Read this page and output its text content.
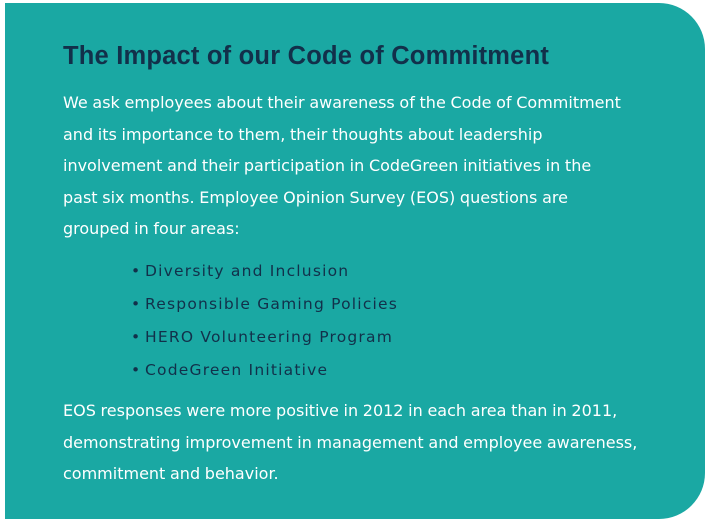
The Impact of our Code of Commitment

We ask employees about their awareness of the Code of Commitment and its importance to them, their thoughts about leadership involvement and their participation in CodeGreen initiatives in the past six months. Employee Opinion Survey (EOS) questions are grouped in four areas:

• Diversity and Inclusion
• Responsible Gaming Policies
• HERO Volunteering Program
• CodeGreen Initiative

EOS responses were more positive in 2012 in each area than in 2011, demonstrating improvement in management and employee awareness, commitment and behavior.
